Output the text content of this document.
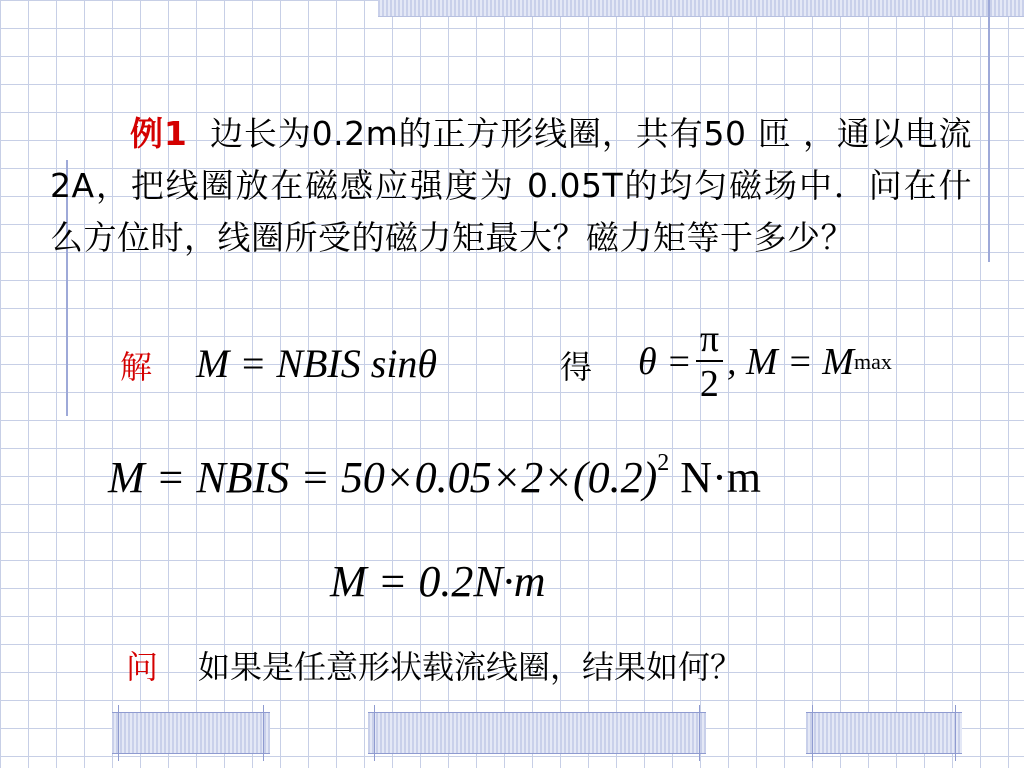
例1 边长为0.2m的正方形线圈，共有50 匝 ，通以电流2A，把线圈放在磁感应强度为 0.05T的均匀磁场中．问在什么方位时，线圈所受的磁力矩最大？磁力矩等于多少？
解 M = NBIS sinθ	得 $\theta = \frac{\pi}{2}$ , M = M max
M = NBIS = $50\times 0.05\times 2\times(0.2)^2$ N·m
M = 0.2N·m
问 如果是任意形状载流线圈，结果如何？
